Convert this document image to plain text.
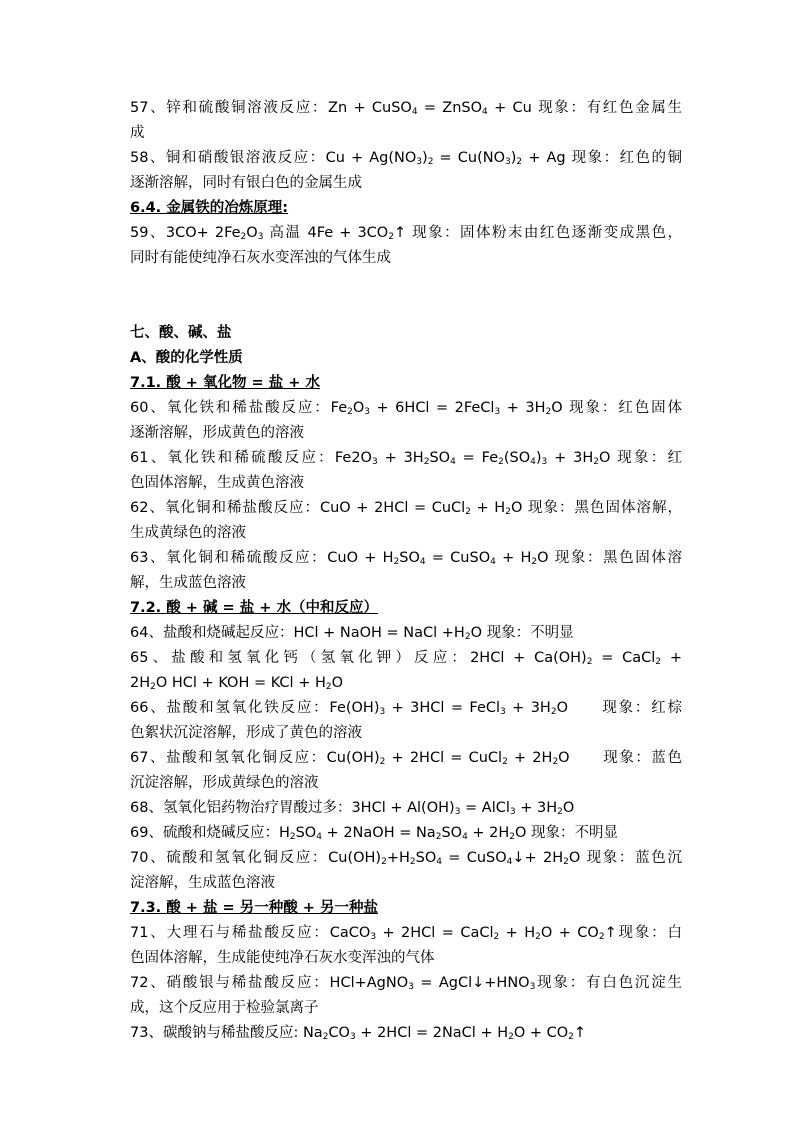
57、锌和硫酸铜溶液反应：Zn + CuSO$_4$ = ZnSO$_4$ + Cu 现象：有红色金属生
成
58、铜和硝酸银溶液反应：$Cu + Ag(NO_3)_2 = Cu(NO_3)_2 + Ag$ 现象：红色的铜
逐渐溶解，同时有银白色的金属生成
6.4. 金属铁的冶炼原理:
59、$3CO+ 2Fe_2O_3$ 高温 $4Fe + 3CO_2↑$ 现象：固体粉末由红色逐渐变成黑色，
同时有能使纯净石灰水变浑浊的气体生成
七、酸、碱、盐
A、酸的化学性质
7.1. 酸 + 氧化物 = 盐 + 水
60、氧化铁和稀盐酸反应：$Fe_2O_3 + 6HCl$ = 2FeCl$_3$ + $3H_2O$ 现象：红色固体
逐渐溶解，形成黄色的溶液
61、氧化铁和稀硫酸反应：$Fe2O_3 + 3H_2SO_4 = Fe_2(SO_4)_3 + 3H_2O$ 现象：红
色固体溶解，生成黄色溶液
62、氧化铜和稀盐酸反应：CuO + 2HCl = CuCl$_2$ + $H_2O$ 现象：黑色固体溶解，
生成黄绿色的溶液
63、氧化铜和稀硫酸反应：CuO + $H_2SO_4$ = CuSO$_4$ + $H_2O$ 现象：黑色固体溶
解，生成蓝色溶液
7.2. 酸 + 碱 = 盐 + 水（中和反应）
64、盐酸和烧碱起反应：HCl + NaOH = NaCl $+H_2O$ 现象：不明显
65、盐酸和氢氧化钙（氢氧化钾）反应：$2HCl + Ca(OH)_2$ = CaCl$_2$ +
$2H_2O$ HCl + KOH = KCl + $H_2O$
66、盐酸和氢氧化铁反应：$Fe(OH)_3 + 3HCl$ = FeCl$_3$ + $3H_2O$　　现象：红棕
色絮状沉淀溶解，形成了黄色的溶液
67、盐酸和氢氧化铜反应：$Cu(OH)_2 + 2HCl$ = CuCl$_2$ + $2H_2O$　　现象：蓝色
沉淀溶解，形成黄绿色的溶液
68、氢氧化铝药物治疗胃酸过多：$3HCl + Al(OH)_3$ = AlCl$_3$ + $3H_2O$
69、硫酸和烧碱反应：$H_2SO_4$ + 2NaOH = $Na_2SO_4 + 2H_2O$ 现象：不明显
70、硫酸和氢氧化铜反应：$Cu(OH)_2+H_2SO_4$ = CuSO$_4$↓+ $2H_2O$ 现象：蓝色沉
淀溶解，生成蓝色溶液
7.3. 酸 + 盐 = 另一种酸 + 另一种盐
71、大理石与稀盐酸反应：CaCO$_3$ + 2HCl = CaCl$_2$ + $H_2O$ + $CO_2↑$现象：白
色固体溶解，生成能使纯净石灰水变浑浊的气体
72、硝酸银与稀盐酸反应：HCl+AgNO$_3$ = $AgCl↓+HNO_3$现象：有白色沉淀生
成，这个反应用于检验氯离子
73、碳酸钠与稀盐酸反应: $Na_2CO_3 + 2HCl$ = 2NaCl + $H_2O$ + $CO_2↑$
